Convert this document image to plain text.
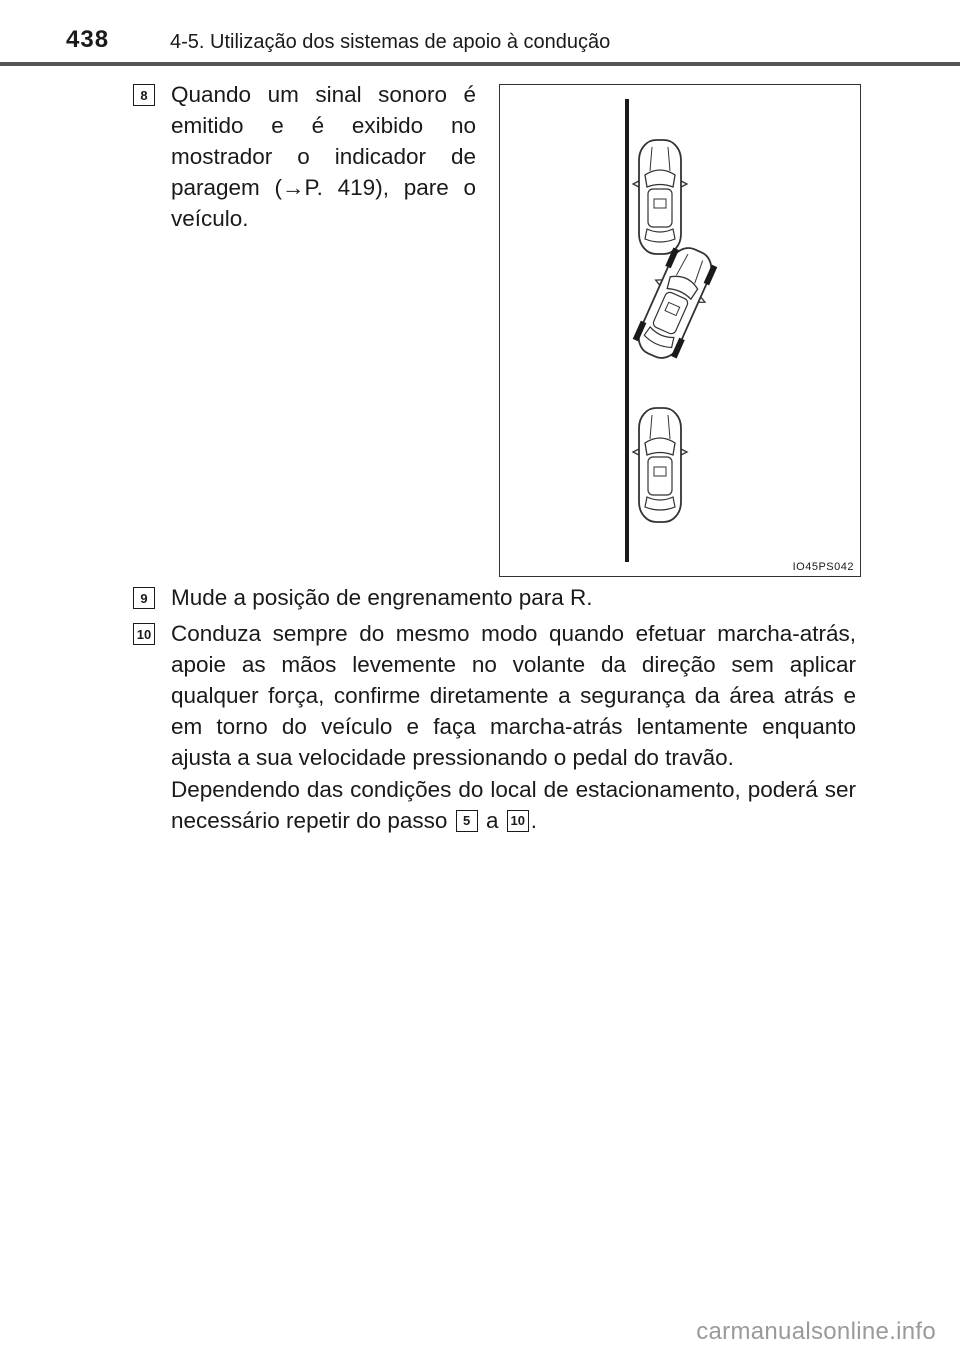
438	4-5. Utilização dos sistemas de apoio à condução
8	Quando um sinal sonoro é emitido e é exibido no mostrador o indicador de paragem (→P. 419), pare o veículo.
IO45PS042
9	Mude a posição de engrenamento para R.
10 Conduza sempre do mesmo modo quando efetuar marcha-atrás, apoie as mãos levemente no volante da direção sem aplicar qualquer força, confirme diretamente a segurança da área atrás e em torno do veículo e faça marcha-atrás lentamente enquanto ajusta a sua velocidade pressionando o pedal do travão.
Dependendo das condições do local de estacionamento, poderá ser necessário repetir do passo 5 a 10 .
carmanualsonline.info
